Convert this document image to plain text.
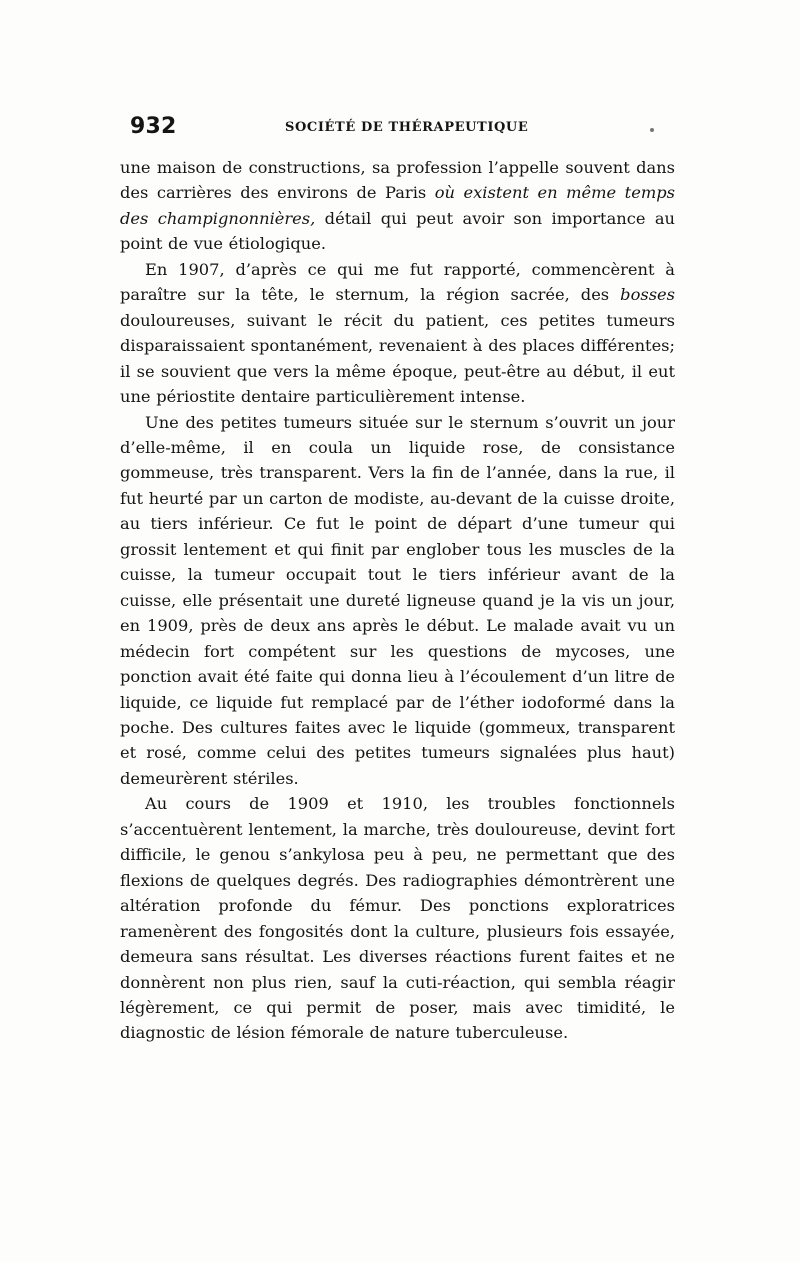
932	SOCIÉTÉ DE THÉRAPEUTIQUE

une maison de constructions, sa profession l’appelle souvent dans des carrières des environs de Paris où existent en même temps des champignonnières, détail qui peut avoir son importance au point de vue étiologique.

En 1907, d’après ce qui me fut rapporté, commencèrent à paraître sur la tête, le sternum, la région sacrée, des bosses douloureuses, suivant le récit du patient, ces petites tumeurs disparaissaient spontanément, revenaient à des places différentes; il se souvient que vers la même époque, peut-être au début, il eut une périostite dentaire particulièrement intense.

Une des petites tumeurs située sur le sternum s’ouvrit un jour d’elle-même, il en coula un liquide rose, de consistance gommeuse, très transparent. Vers la fin de l’année, dans la rue, il fut heurté par un carton de modiste, au-devant de la cuisse droite, au tiers inférieur. Ce fut le point de départ d’une tumeur qui grossit lentement et qui finit par englober tous les muscles de la cuisse, la tumeur occupait tout le tiers inférieur avant de la cuisse, elle présentait une dureté ligneuse quand je la vis un jour, en 1909, près de deux ans après le début. Le malade avait vu un médecin fort compétent sur les questions de mycoses, une ponction avait été faite qui donna lieu à l’écoulement d’un litre de liquide, ce liquide fut remplacé par de l’éther iodoformé dans la poche. Des cultures faites avec le liquide (gommeux, transparent et rosé, comme celui des petites tumeurs signalées plus haut) demeurèrent stériles.

Au cours de 1909 et 1910, les troubles fonctionnels s’accentuèrent lentement, la marche, très douloureuse, devint fort difficile, le genou s’ankylosa peu à peu, ne permettant que des flexions de quelques degrés. Des radiographies démontrèrent une altération profonde du fémur. Des ponctions exploratrices ramenèrent des fongosités dont la culture, plusieurs fois essayée, demeura sans résultat. Les diverses réactions furent faites et ne donnèrent non plus rien, sauf la cuti-réaction, qui sembla réagir légèrement, ce qui permit de poser, mais avec timidité, le diagnostic de lésion fémorale de nature tuberculeuse.
